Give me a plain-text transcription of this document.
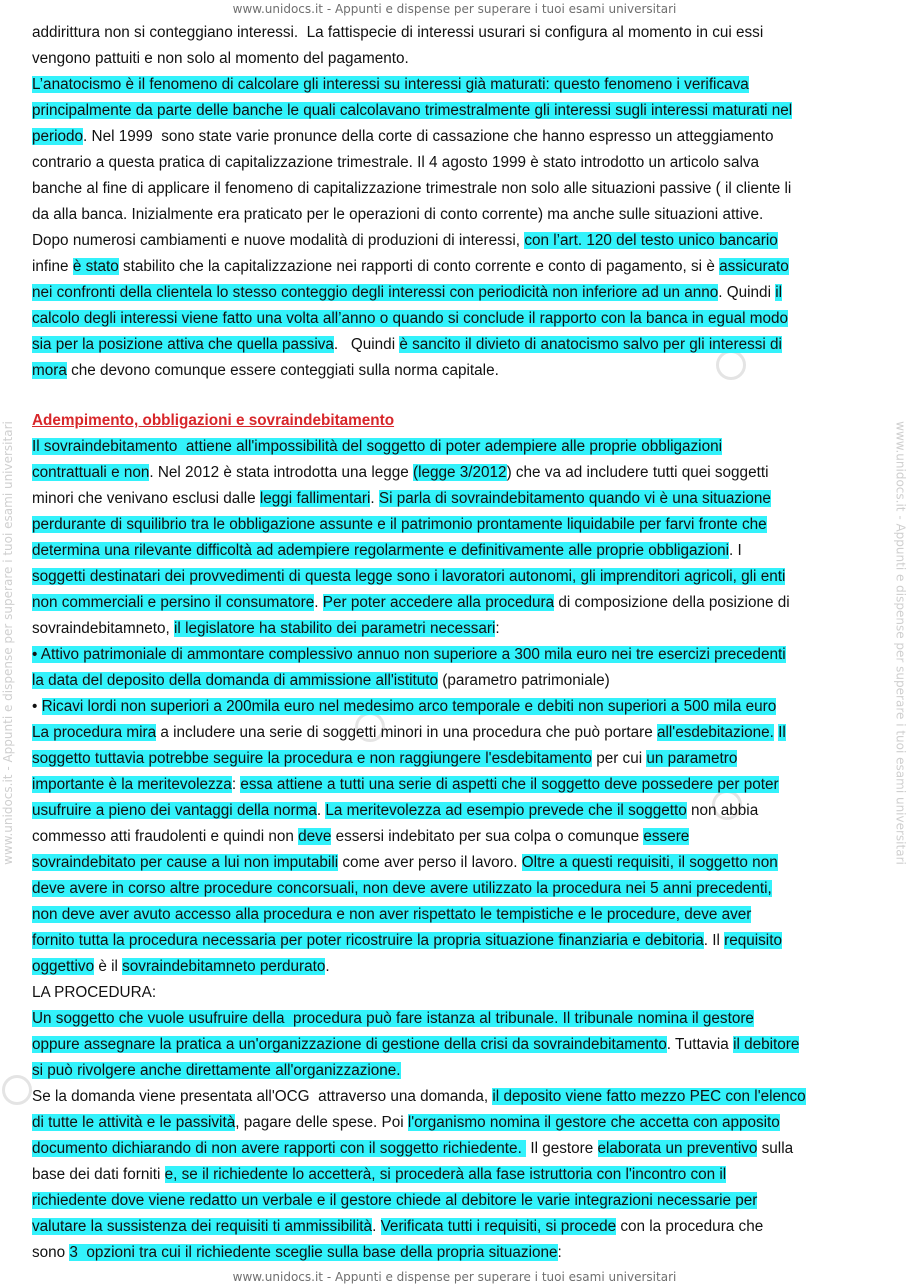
www.unidocs.it - Appunti e dispense per superare i tuoi esami universitari
www.unidocs.it - Appunti e dispense per superare i tuoi esami universitari	www.unidocs.it - Appunti e dispense per superare i tuoi esami universitari
addirittura non si conteggiano interessi.  La fattispecie di interessi usurari si configura al momento in cui essi
vengono pattuiti e non solo al momento del pagamento.
L’anatocismo è il fenomeno di calcolare gli interessi su interessi già maturati: questo fenomeno i verificava
principalmente da parte delle banche le quali calcolavano trimestralmente gli interessi sugli interessi maturati nel
periodo. Nel 1999  sono state varie pronunce della corte di cassazione che hanno espresso un atteggiamento
contrario a questa pratica di capitalizzazione trimestrale. Il 4 agosto 1999 è stato introdotto un articolo salva
banche al fine di applicare il fenomeno di capitalizzazione trimestrale non solo alle situazioni passive ( il cliente li
da alla banca. Inizialmente era praticato per le operazioni di conto corrente) ma anche sulle situazioni attive.
Dopo numerosi cambiamenti e nuove modalità di produzioni di interessi, con l’art. 120 del testo unico bancario
infine è stato stabilito che la capitalizzazione nei rapporti di conto corrente e conto di pagamento, si è assicurato
nei confronti della clientela lo stesso conteggio degli interessi con periodicità non inferiore ad un anno. Quindi il
calcolo degli interessi viene fatto una volta all’anno o quando si conclude il rapporto con la banca in egual modo
sia per la posizione attiva che quella passiva.   Quindi è sancito il divieto di anatocismo salvo per gli interessi di
mora che devono comunque essere conteggiati sulla norma capitale.
Adempimento, obbligazioni e sovraindebitamento
Il sovraindebitamento  attiene all'impossibilità del soggetto di poter adempiere alle proprie obbligazioni
contrattuali e non. Nel 2012 è stata introdotta una legge (legge 3/2012) che va ad includere tutti quei soggetti
minori che venivano esclusi dalle leggi fallimentari. Si parla di sovraindebitamento quando vi è una situazione
perdurante di squilibrio tra le obbligazione assunte e il patrimonio prontamente liquidabile per farvi fronte che
determina una rilevante difficoltà ad adempiere regolarmente e definitivamente alle proprie obbligazioni. I
soggetti destinatari dei provvedimenti di questa legge sono i lavoratori autonomi, gli imprenditori agricoli, gli enti
non commerciali e persino il consumatore. Per poter accedere alla procedura di composizione della posizione di
sovraindebitamneto, il legislatore ha stabilito dei parametri necessari:
• Attivo patrimoniale di ammontare complessivo annuo non superiore a 300 mila euro nei tre esercizi precedenti
la data del deposito della domanda di ammissione all'istituto (parametro patrimoniale)
• Ricavi lordi non superiori a 200mila euro nel medesimo arco temporale e debiti non superiori a 500 mila euro
La procedura mira a includere una serie di soggetti minori in una procedura che può portare all'esdebitazione. Il
soggetto tuttavia potrebbe seguire la procedura e non raggiungere l'esdebitamento per cui un parametro
importante è la meritevolezza: essa attiene a tutti una serie di aspetti che il soggetto deve possedere per poter
usufruire a pieno dei vantaggi della norma. La meritevolezza ad esempio prevede che il soggetto non abbia
commesso atti fraudolenti e quindi non deve essersi indebitato per sua colpa o comunque essere
sovraindebitato per cause a lui non imputabili come aver perso il lavoro. Oltre a questi requisiti, il soggetto non
deve avere in corso altre procedure concorsuali, non deve avere utilizzato la procedura nei 5 anni precedenti,
non deve aver avuto accesso alla procedura e non aver rispettato le tempistiche e le procedure, deve aver
fornito tutta la procedura necessaria per poter ricostruire la propria situazione finanziaria e debitoria. Il requisito
oggettivo è il sovraindebitamneto perdurato.
LA PROCEDURA:
Un soggetto che vuole usufruire della  procedura può fare istanza al tribunale. Il tribunale nomina il gestore
oppure assegnare la pratica a un'organizzazione di gestione della crisi da sovraindebitamento. Tuttavia il debitore
si può rivolgere anche direttamente all'organizzazione.
Se la domanda viene presentata all'OCG  attraverso una domanda, il deposito viene fatto mezzo PEC con l'elenco
di tutte le attività e le passività, pagare delle spese. Poi l'organismo nomina il gestore che accetta con apposito
documento dichiarando di non avere rapporti con il soggetto richiedente.  Il gestore elaborata un preventivo sulla
base dei dati forniti e, se il richiedente lo accetterà, si procederà alla fase istruttoria con l'incontro con il
richiedente dove viene redatto un verbale e il gestore chiede al debitore le varie integrazioni necessarie per
valutare la sussistenza dei requisiti ti ammissibilità. Verificata tutti i requisiti, si procede con la procedura che
sono 3  opzioni tra cui il richiedente sceglie sulla base della propria situazione:
www.unidocs.it - Appunti e dispense per superare i tuoi esami universitari
